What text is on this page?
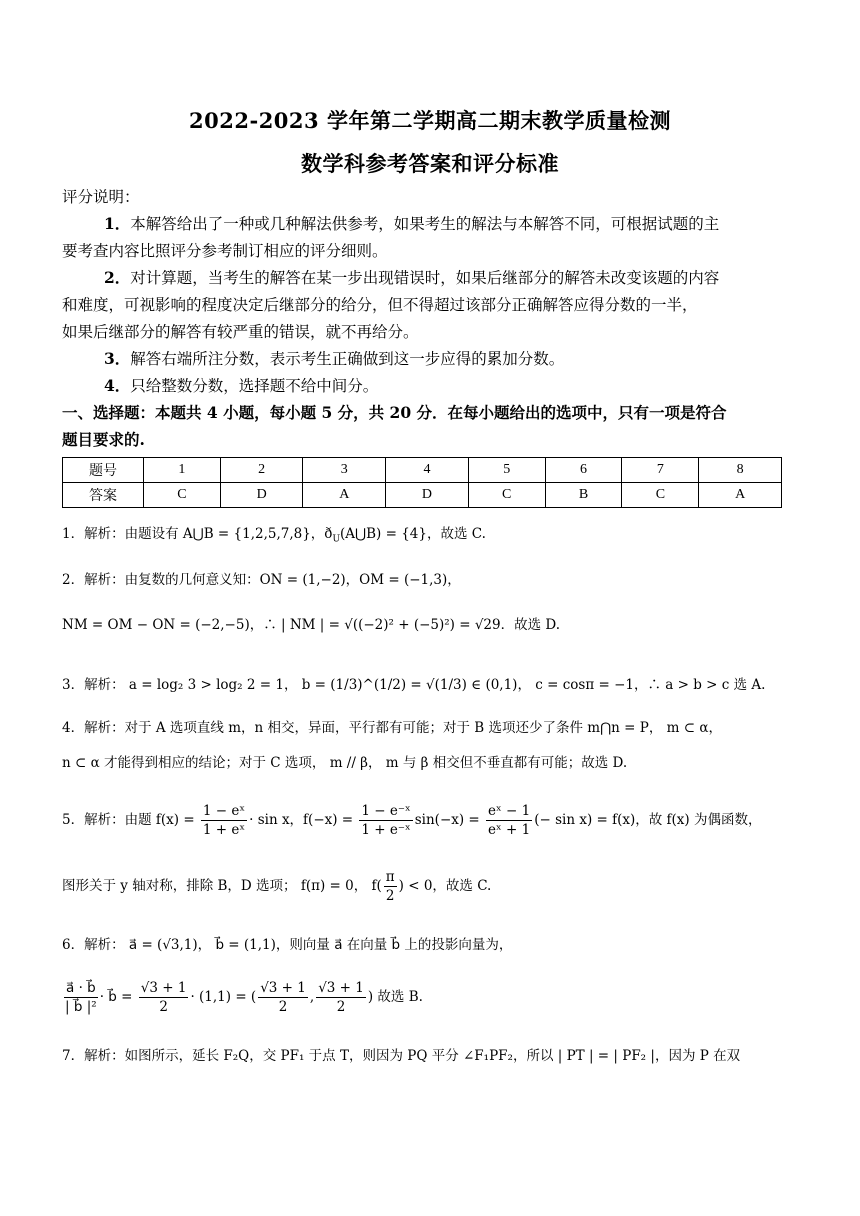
2022-2023 学年第二学期高二期末教学质量检测
数学科参考答案和评分标准
评分说明：
1．本解答给出了一种或几种解法供参考，如果考生的解法与本解答不同，可根据试题的主
要考查内容比照评分参考制订相应的评分细则。
2．对计算题，当考生的解答在某一步出现错误时，如果后继部分的解答未改变该题的内容
和难度，可视影响的程度决定后继部分的给分，但不得超过该部分正确解答应得分数的一半，
如果后继部分的解答有较严重的错误，就不再给分。
3．解答右端所注分数，表示考生正确做到这一步应得的累加分数。
4．只给整数分数，选择题不给中间分。
一、选择题：本题共 4 小题，每小题 5 分，共 20 分．在每小题给出的选项中，只有一项是符合
题目要求的.
题号	1	2	3	4	5	6	7	8
答案	C	D	A	D	C	B	C	A
1．解析：由题设有 A⋃B = {1,2,5,7,8}，$ð_U(A⋃B) = \{4\}$，故选 C.
2．解析：由复数的几何意义知：ON = (1,−2)，OM = (−1,3)，
NM = OM − ON = (−2,−5)，∴ | NM | = √((−2)² + (−5)²) = √29．故选 D.
3．解析： a = log₂ 3 > log₂ 2 = 1， b = (1/3)^(1/2) = √(1/3) ∈ (0,1)， c = cosπ = −1，∴ a > b > c 选 A.
4．解析：对于 A 选项直线 m，n 相交，异面，平行都有可能；对于 B 选项还少了条件 m⋂n = P， m ⊂ α，
n ⊂ α 才能得到相应的结论；对于 C 选项， m // β， m 与 β 相交但不垂直都有可能；故选 D.
5．解析：由题 $f(x) = \frac{\text{1 − eˣ}}{\text{1 + eˣ}} \cdot \sin x$，$f(-x) = \frac{\text{1 − e⁻ˣ}}{\text{1 + e⁻ˣ}} \sin(-x) = \frac{\text{eˣ − 1}}{\text{eˣ + 1}}$ (− sin x) = f(x)，故 f(x) 为偶函数，
图形关于 y 轴对称，排除 B，D 选项； f(π) = 0， $f( \frac{\pi}{2}$ ) < 0，故选 C.
6．解析： a⃗ = (√3,1)， b⃗ = (1,1)，则向量 a⃗ 在向量 b⃗ 上的投影向量为，
$\frac{a⃗ \cdot b⃗}{\text{| b⃗ |²}}$ · b⃗ = $\frac{√3 + 1}{2} \cdot (1,1)$ = ( $\frac{√3 + 1}{2}$ , $\frac{√3 + 1}{2}$ ) 故选 B.
7．解析：如图所示，延长 F₂Q，交 PF₁ 于点 T，则因为 PQ 平分 ∠F₁PF₂，所以 | PT | = | PF₂ |，因为 P 在双
